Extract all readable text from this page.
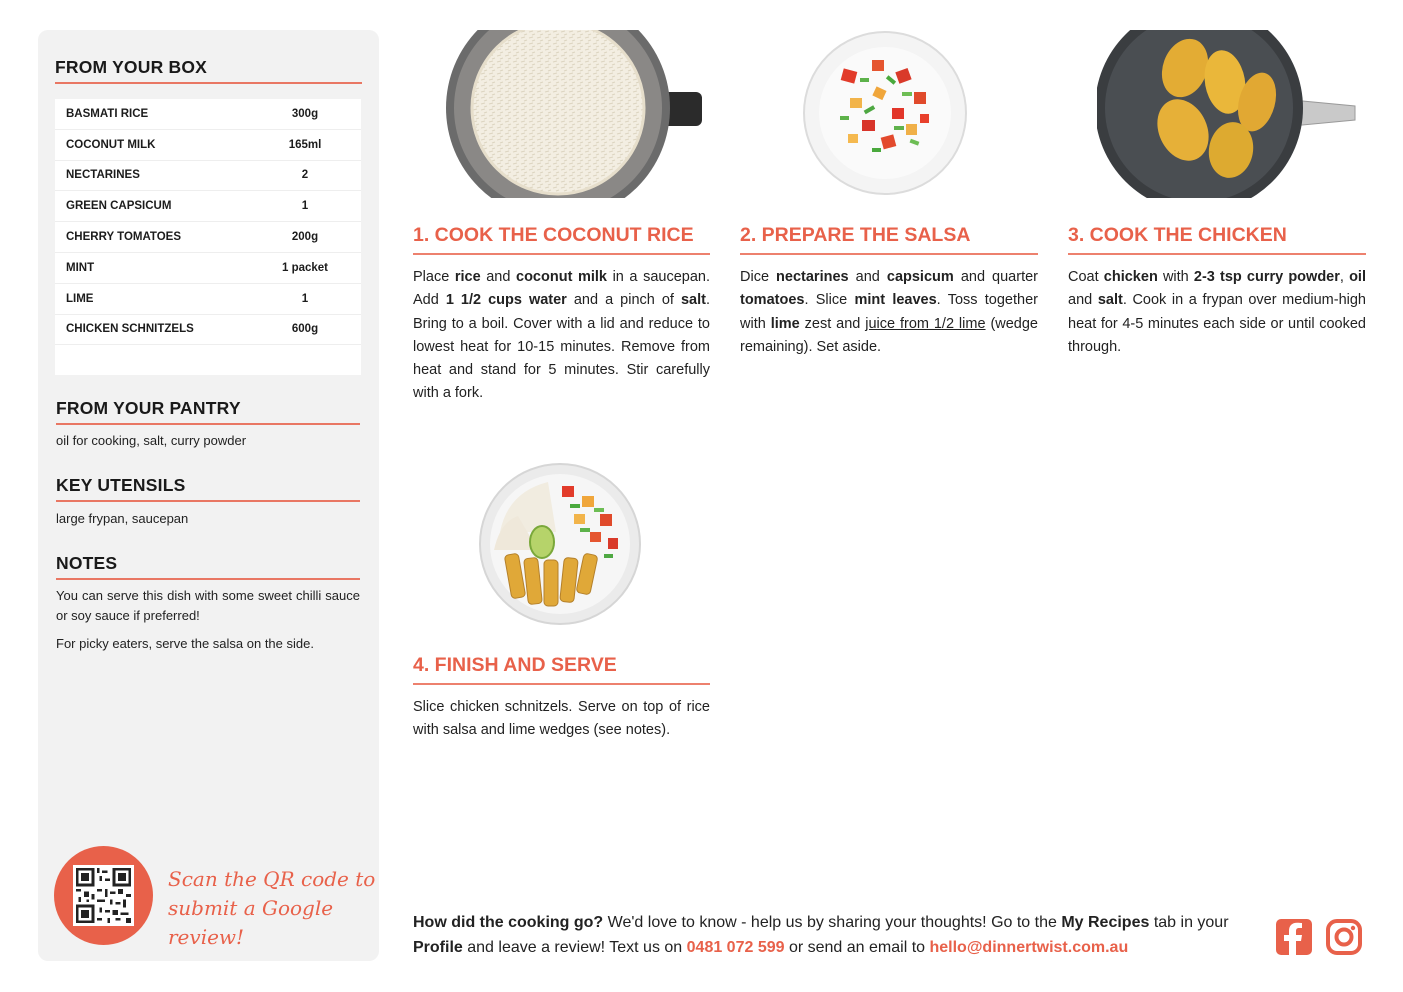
FROM YOUR BOX
BASMATI RICE	300g
COCONUT MILK	165ml
NECTARINES	2
GREEN CAPSICUM	1
CHERRY TOMATOES	200g
MINT	1 packet
LIME	1
CHICKEN SCHNITZELS	600g
FROM YOUR PANTRY
oil for cooking, salt, curry powder
KEY UTENSILS
large frypan, saucepan
NOTES
You can serve this dish with some sweet chilli sauce or soy sauce if preferred!
For picky eaters, serve the salsa on the side.
Scan the QR code to
submit a Google review!
1. COOK THE COCONUT RICE
Place rice and coconut milk in a saucepan. Add 1 1/2 cups water and a pinch of salt. Bring to a boil. Cover with a lid and reduce to lowest heat for 10-15 minutes. Remove from heat and stand for 5 minutes. Stir carefully with a fork.
2. PREPARE THE SALSA
Dice nectarines and capsicum and quarter tomatoes. Slice mint leaves. Toss together with lime zest and juice from 1/2 lime (wedge remaining). Set aside.
3. COOK THE CHICKEN
Coat chicken with 2-3 tsp curry powder, oil and salt. Cook in a frypan over medium-high heat for 4-5 minutes each side or until cooked through.
4. FINISH AND SERVE
Slice chicken schnitzels. Serve on top of rice with salsa and lime wedges (see notes).
How did the cooking go? We'd love to know - help us by sharing your thoughts! Go to the My Recipes tab in your Profile and leave a review! Text us on 0481 072 599 or send an email to hello@dinnertwist.com.au
